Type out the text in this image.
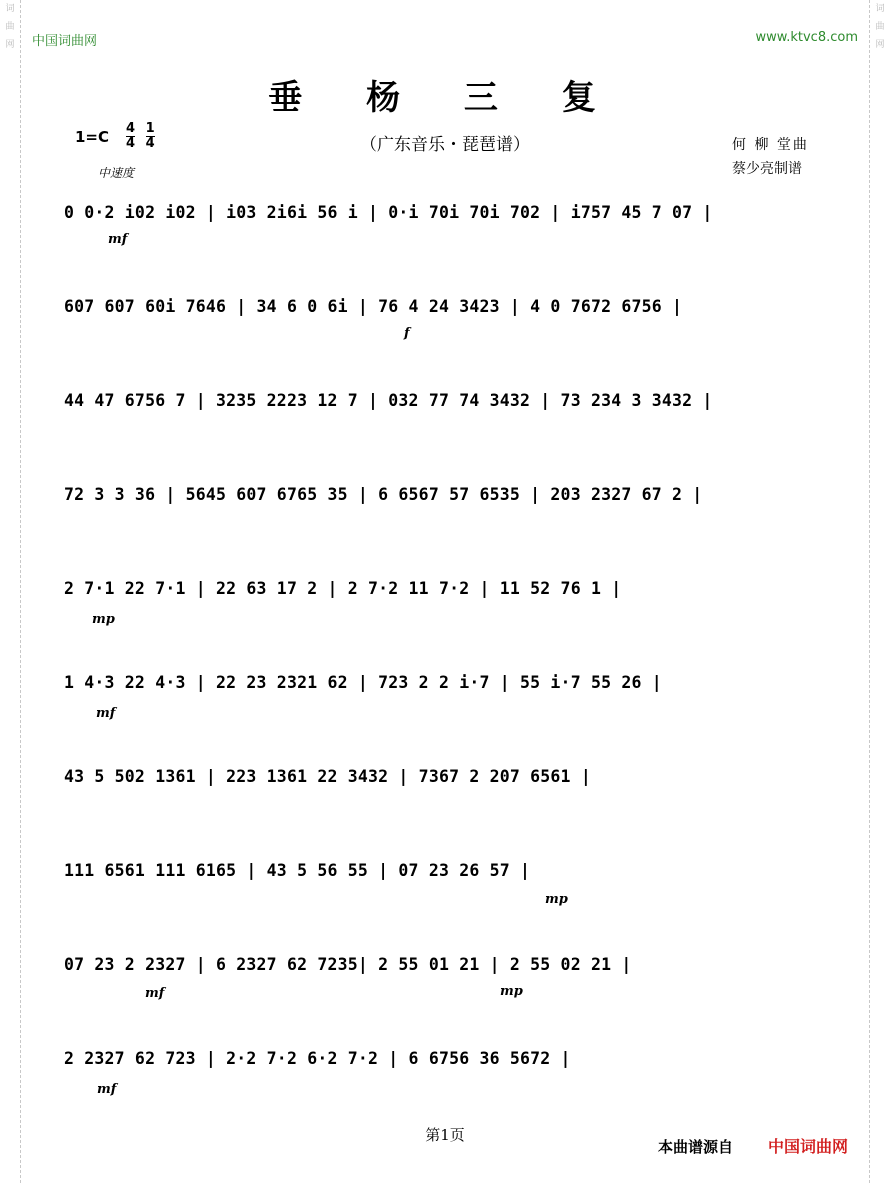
词
曲
网
词
曲
网
中国词曲网	www.ktvc8.com
垂 杨 三 复
（广东音乐・琵琶谱）
$1=C \frac{4}{4}$
$\frac{1}{4}$
中速度
何 柳 堂曲
蔡少亮制谱
0 0·2 i02 i02 | i03 2i6i 56 i | 0·i 70i 70i 702 | i757 45 7 07 |
607 607 60i 7646 | 34 6 0 6i | 76 4 24 3423 | 4 0 7672 6756 |
44 47 6756 7 | 3235 2223 12 7 | 032 77 74 3432 | 73 234 3 3432 |
72 3 3 36 | 5645 607 6765 35 | 6 6567 57 6535 | 203 2327 67 2 |
2 7·1 22 7·1 | 22 63 17 2 | 2 7·2 11 7·2 | 11 52 76 1 |
1 4·3 22 4·3 | 22 23 2321 62 | 723 2 2 i·7 | 55 i·7 55 26 |
43 5 502 1361 | 223 1361 22 3432 | 7367 2 207 6561 |
111 6561 111 6165 | 43 5 56 55 | 07 23 26 57 |
07 23 2 2327 | 6 2327 62 7235| 2 55 01 21 | 2 55 02 21 |
2 2327 62 723 | 2·2 7·2 6·2 7·2 | 6 6756 36 5672 |
mf
f
mp
mf
mp
mf	mp
mf
第1页
本曲谱源自 中国词曲网
